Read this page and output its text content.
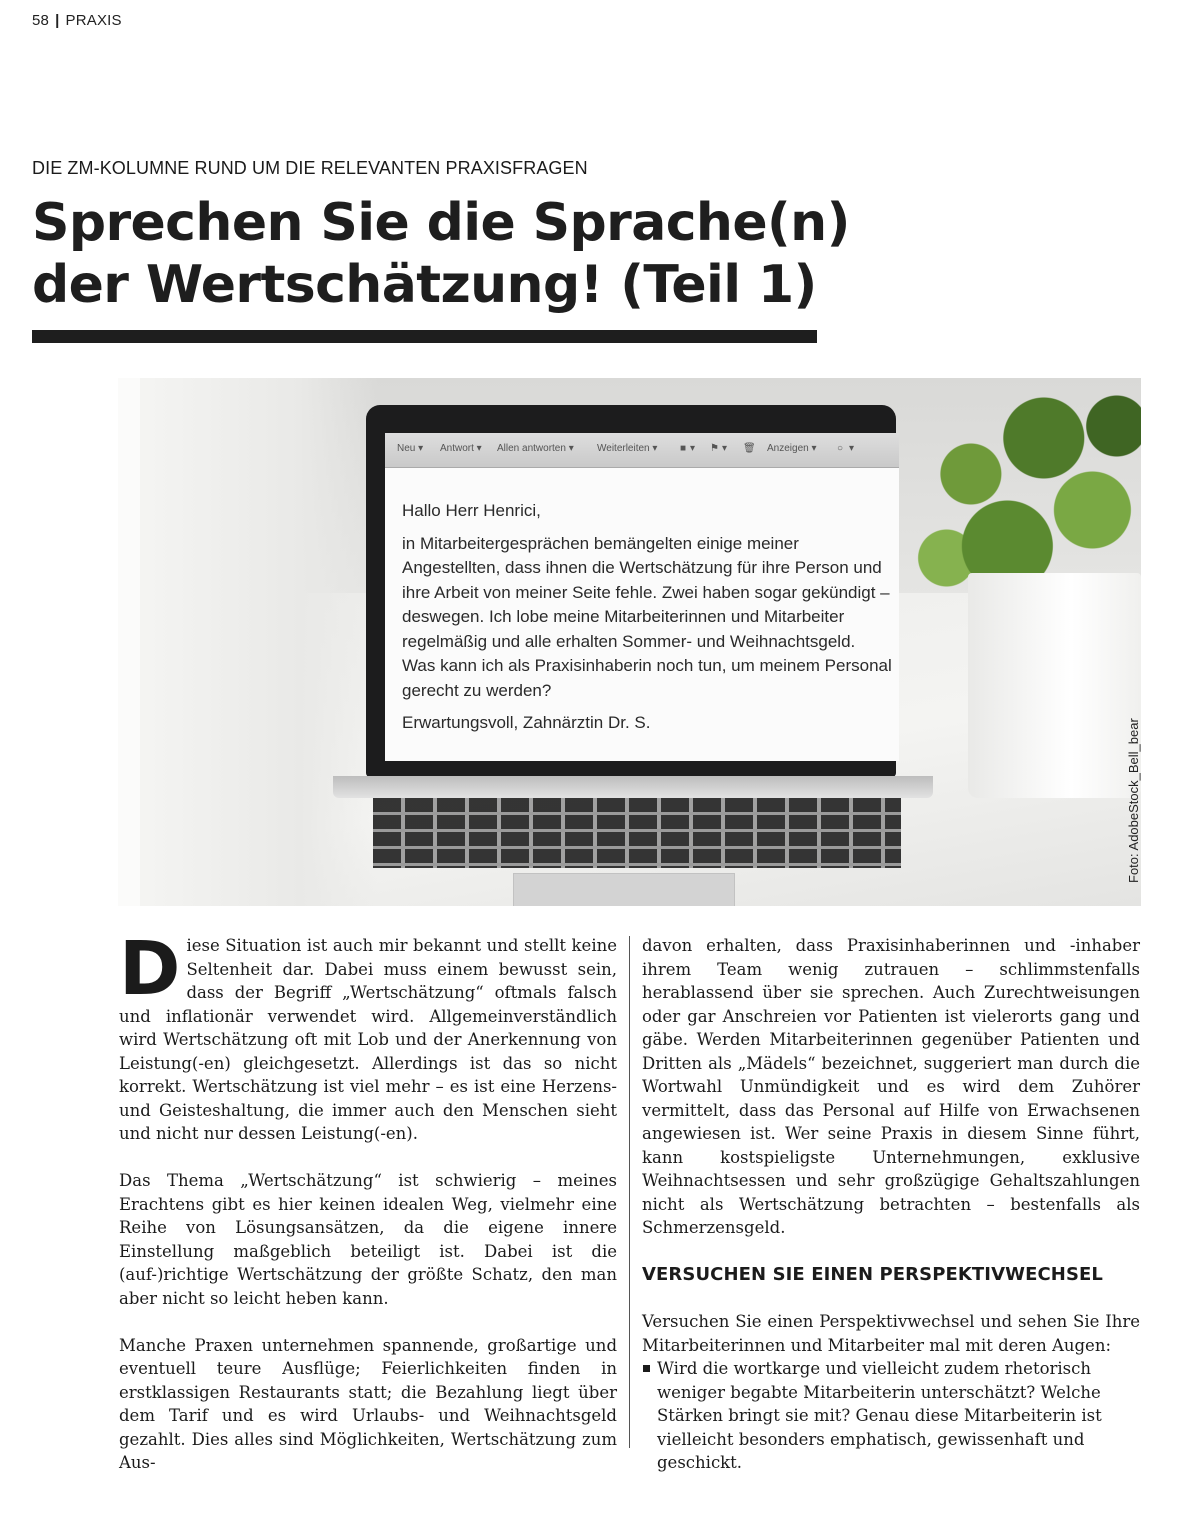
58 | PRAXIS
DIE ZM-KOLUMNE RUND UM DIE RELEVANTEN PRAXISFRAGEN
Sprechen Sie die Sprache(n)
der Wertschätzung! (Teil 1)
Neu ▾ Antwort ▾ Allen antworten ▾ Weiterleiten ▾ ■ ▾ ⚑ ▾ 🗑 Anzeigen ▾ ○ ▾

Hallo Herr Henrici,

in Mitarbeitergesprächen bemängelten einige meiner Angestellten, dass ihnen die Wertschätzung für ihre Person und ihre Arbeit von meiner Seite fehle. Zwei haben sogar gekündigt – deswegen. Ich lobe meine Mitarbeiterinnen und Mitarbeiter regelmäßig und alle erhalten Sommer- und Weihnachtsgeld. Was kann ich als Praxisinhaberin noch tun, um meinem Personal gerecht zu werden?

Erwartungsvoll, Zahnärztin Dr. S.	Foto: AdobeStock_Bell_bear

Diese Situation ist auch mir bekannt und stellt keine Seltenheit dar. Dabei muss einem bewusst sein, dass der Begriff „Wertschätzung“ oftmals falsch und inflationär verwendet wird. Allgemeinverständlich wird Wertschätzung oft mit Lob und der Anerkennung von Leistung(-en) gleichgesetzt. Allerdings ist das so nicht korrekt. Wertschätzung ist viel mehr – es ist eine Herzens- und Geisteshaltung, die immer auch den Menschen sieht und nicht nur dessen Leistung(-en).

Das Thema „Wertschätzung“ ist schwierig – meines Erachtens gibt es hier keinen idealen Weg, vielmehr eine Reihe von Lösungsansätzen, da die eigene innere Einstellung maßgeblich beteiligt ist. Dabei ist die (auf-)richtige Wertschätzung der größte Schatz, den man aber nicht so leicht heben kann.

Manche Praxen unternehmen spannende, großartige und eventuell teure Ausflüge; Feierlichkeiten finden in erstklassigen Restaurants statt; die Bezahlung liegt über dem Tarif und es wird Urlaubs- und Weihnachtsgeld gezahlt. Dies alles sind Möglichkeiten, Wertschätzung zum Aus-

davon erhalten, dass Praxisinhaberinnen und -inhaber ihrem Team wenig zutrauen – schlimmstenfalls herablassend über sie sprechen. Auch Zurechtweisungen oder gar Anschreien vor Patienten ist vielerorts gang und gäbe. Werden Mitarbeiterinnen gegenüber Patienten und Dritten als „Mädels“ bezeichnet, suggeriert man durch die Wortwahl Unmündigkeit und es wird dem Zuhörer vermittelt, dass das Personal auf Hilfe von Erwachsenen angewiesen ist. Wer seine Praxis in diesem Sinne führt, kann kostspieligste Unternehmungen, exklusive Weihnachtsessen und sehr großzügige Gehaltszahlungen nicht als Wertschätzung betrachten – bestenfalls als Schmerzensgeld.

VERSUCHEN SIE EINEN PERSPEKTIVWECHSEL

Versuchen Sie einen Perspektivwechsel und sehen Sie Ihre Mitarbeiterinnen und Mitarbeiter mal mit deren Augen:

Wird die wortkarge und vielleicht zudem rhetorisch weniger begabte Mitarbeiterin unterschätzt? Welche Stärken bringt sie mit? Genau diese Mitarbeiterin ist vielleicht besonders emphatisch, gewissenhaft und geschickt.
